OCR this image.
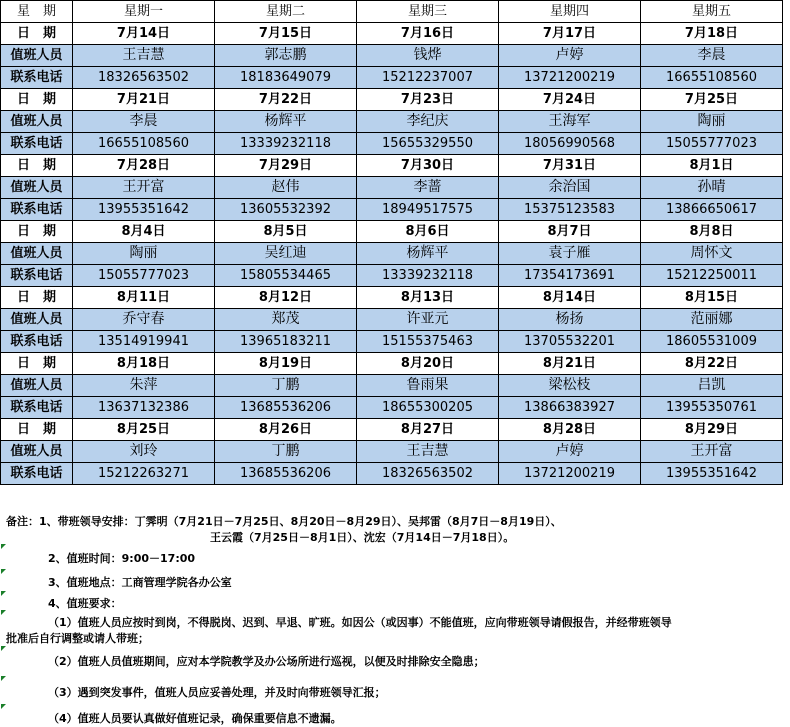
星　期	星期一	星期二	星期三	星期四	星期五
日　期	7月14日	7月15日	7月16日	7月17日	7月18日
值班人员	王吉慧	郭志鹏	钱烨	卢婷	李晨
联系电话	18326563502	18183649079	15212237007	13721200219	16655108560
日　期	7月21日	7月22日	7月23日	7月24日	7月25日
值班人员	李晨	杨辉平	李纪庆	王海军	陶丽
联系电话	16655108560	13339232118	15655329550	18056990568	15055777023
日　期	7月28日	7月29日	7月30日	7月31日	8月1日
值班人员	王开富	赵伟	李蔷	余治国	孙晴
联系电话	13955351642	13605532392	18949517575	15375123583	13866650617
日　期	8月4日	8月5日	8月6日	8月7日	8月8日
值班人员	陶丽	吴红迪	杨辉平	袁子雁	周怀文
联系电话	15055777023	15805534465	13339232118	17354173691	15212250011
日　期	8月11日	8月12日	8月13日	8月14日	8月15日
值班人员	乔守春	郑茂	许亚元	杨扬	范丽娜
联系电话	13514919941	13965183211	15155375463	13705532201	18605531009
日　期	8月18日	8月19日	8月20日	8月21日	8月22日
值班人员	朱萍	丁鹏	鲁雨果	梁松枝	吕凯
联系电话	13637132386	13685536206	18655300205	13866383927	13955350761
日　期	8月25日	8月26日	8月27日	8月28日	8月29日
值班人员	刘玲	丁鹏	王吉慧	卢婷	王开富
联系电话	15212263271	13685536206	18326563502	13721200219	13955351642
备注：1、带班领导安排：丁霁明（7月21日－7月25日、8月20日－8月29日）、吴邦雷（8月7日－8月19日）、
王云霞（7月25日－8月1日）、沈宏（7月14日－7月18日）。
2、值班时间：9:00－17:00
3、值班地点：工商管理学院各办公室
4、值班要求：
（1）值班人员应按时到岗，不得脱岗、迟到、早退、旷班。如因公（或因事）不能值班，应向带班领导请假报告，并经带班领导
批准后自行调整或请人带班；
（2）值班人员值班期间，应对本学院教学及办公场所进行巡视，以便及时排除安全隐患；
（3）遇到突发事件，值班人员应妥善处理，并及时向带班领导汇报；
（4）值班人员要认真做好值班记录，确保重要信息不遗漏。
